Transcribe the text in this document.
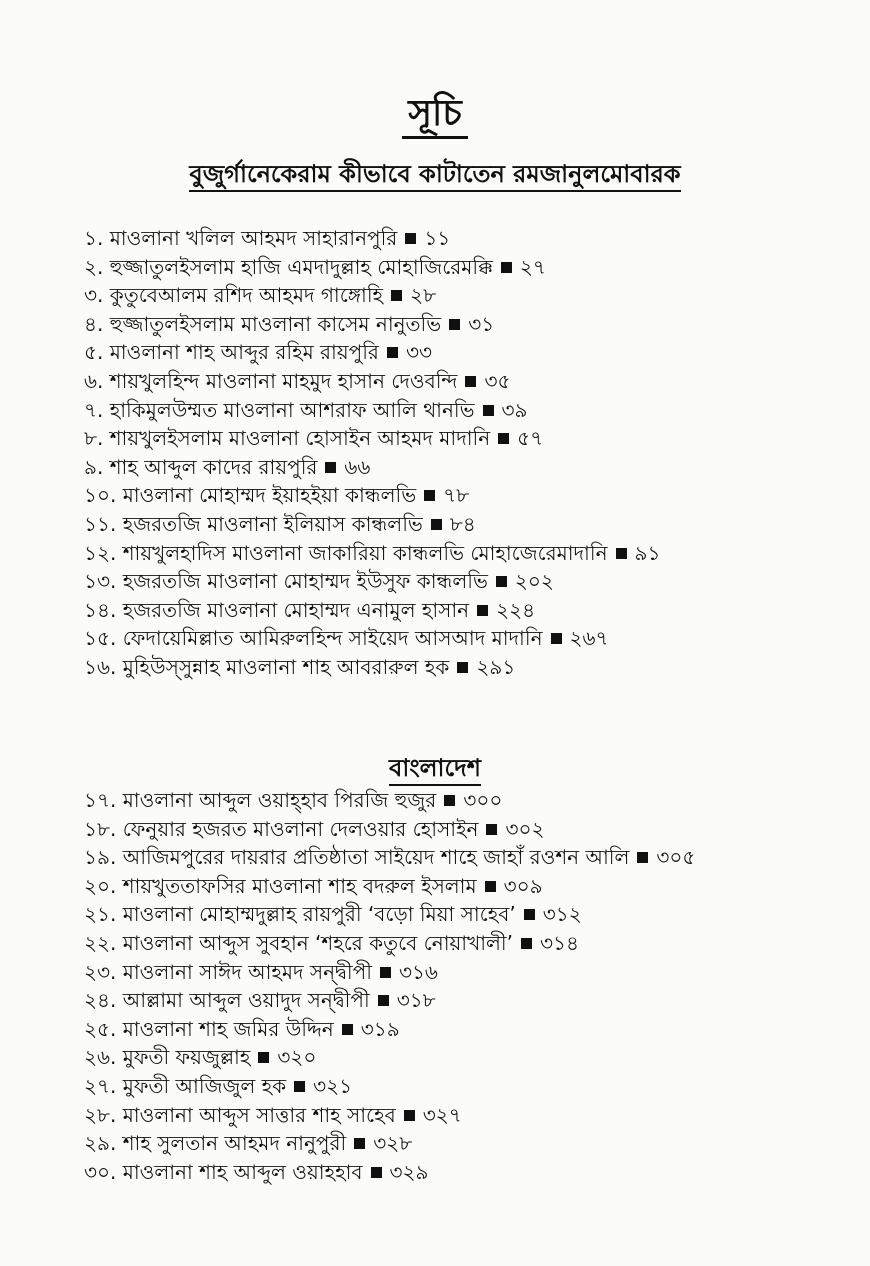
সূচি
বুজুর্গানেকেরাম কীভাবে কাটাতেন রমজানুলমোবারক
১. মাওলানা খলিল আহমদ সাহারানপুরি ১১
২. হুজ্জাতুলইসলাম হাজি এমদাদুল্লাহ মোহাজিরেমক্কি ২৭
৩. কুতুবেআলম রশিদ আহমদ গাঙ্গোহি ২৮
৪. হুজ্জাতুলইসলাম মাওলানা কাসেম নানুতভি ৩১
৫. মাওলানা শাহ আব্দুর রহিম রায়পুরি ৩৩
৬. শায়খুলহিন্দ মাওলানা মাহমুদ হাসান দেওবন্দি ৩৫
৭. হাকিমুলউম্মত মাওলানা আশরাফ আলি থানভি ৩৯
৮. শায়খুলইসলাম মাওলানা হোসাইন আহমদ মাদানি ৫৭
৯. শাহ আব্দুল কাদের রায়পুরি ৬৬
১০. মাওলানা মোহাম্মদ ইয়াহইয়া কান্ধলভি ৭৮
১১. হজরতজি মাওলানা ইলিয়াস কান্ধলভি ৮৪
১২. শায়খুলহাদিস মাওলানা জাকারিয়া কান্ধলভি মোহাজেরেমাদানি ৯১
১৩. হজরতজি মাওলানা মোহাম্মদ ইউসুফ কান্ধলভি ২০২
১৪. হজরতজি মাওলানা মোহাম্মদ এনামুল হাসান ২২৪
১৫. ফেদায়েমিল্লাত আমিরুলহিন্দ সাইয়েদ আসআদ মাদানি ২৬৭
১৬. মুহিউস্সুন্নাহ মাওলানা শাহ আবরারুল হক ২৯১
বাংলাদেশ
১৭. মাওলানা আব্দুল ওয়াহ্হাব পিরজি হুজুর ৩০০
১৮. ফেনুয়ার হজরত মাওলানা দেলওয়ার হোসাইন ৩০২
১৯. আজিমপুরের দায়রার প্রতিষ্ঠাতা সাইয়েদ শাহে জাহাঁ রওশন আলি ৩০৫
২০. শায়খুততাফসির মাওলানা শাহ বদরুল ইসলাম ৩০৯
২১. মাওলানা মোহাম্মদুল্লাহ রায়পুরী ‘বড়ো মিয়া সাহেব’ ৩১২
২২. মাওলানা আব্দুস সুবহান ‘শহরে কতুবে নোয়াখালী’ ৩১৪
২৩. মাওলানা সাঈদ আহমদ সন্দ্বীপী ৩১৬
২৪. আল্লামা আব্দুল ওয়াদুদ সন্দ্বীপী ৩১৮
২৫. মাওলানা শাহ জমির উদ্দিন ৩১৯
২৬. মুফতী ফয়জুল্লাহ ৩২০
২৭. মুফতী আজিজুল হক ৩২১
২৮. মাওলানা আব্দুস সাত্তার শাহ সাহেব ৩২৭
২৯. শাহ সুলতান আহমদ নানুপুরী ৩২৮
৩০. মাওলানা শাহ আব্দুল ওয়াহহাব ৩২৯
